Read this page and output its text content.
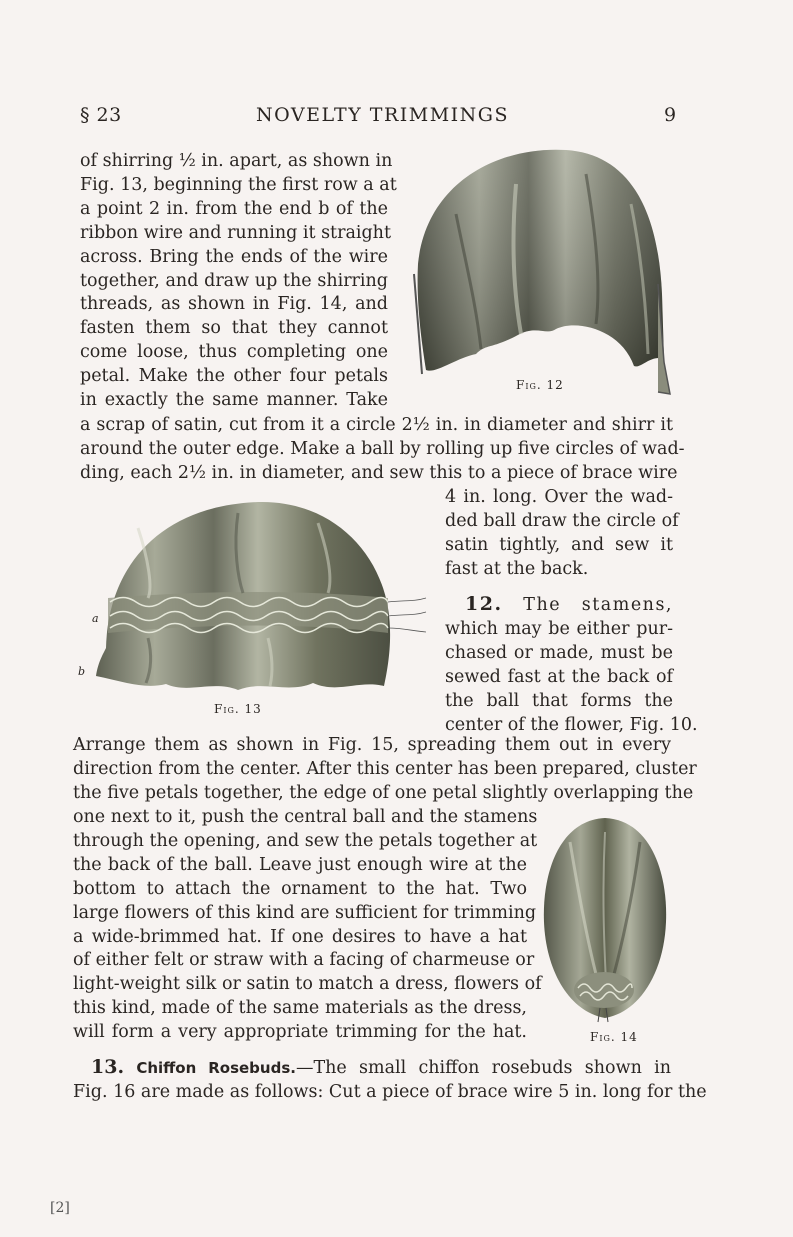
§ 23	NOVELTY TRIMMINGS	9
of shirring ½ in. apart, as shown in
Fig. 13, beginning the first row a at
a point 2 in. from the end b of the
ribbon wire and running it straight
across. Bring the ends of the wire
together, and draw up the shirring
threads, as shown in Fig. 14, and
fasten them so that they cannot
come loose, thus completing one
petal. Make the other four petals
in exactly the same manner. Take
Fig. 12
a scrap of satin, cut from it a circle 2½ in. in diameter and shirr it
around the outer edge. Make a ball by rolling up five circles of wad-
ding, each 2½ in. in diameter, and sew this to a piece of brace wire
a
b
Fig. 13
4 in. long. Over the wad-
ded ball draw the circle of
satin tightly, and sew it
fast at the back.
12. The stamens,
which may be either pur-
chased or made, must be
sewed fast at the back of
the ball that forms the
center of the flower, Fig. 10.
Arrange them as shown in Fig. 15, spreading them out in every
direction from the center. After this center has been prepared, cluster
the five petals together, the edge of one petal slightly overlapping the
one next to it, push the central ball and the stamens
through the opening, and sew the petals together at
the back of the ball. Leave just enough wire at the
bottom to attach the ornament to the hat. Two
large flowers of this kind are sufficient for trimming
a wide-brimmed hat. If one desires to have a hat
of either felt or straw with a facing of charmeuse or
light-weight silk or satin to match a dress, flowers of
this kind, made of the same materials as the dress,
will form a very appropriate trimming for the hat.	Fig. 14
13. Chiffon Rosebuds.—The small chiffon rosebuds shown in
Fig. 16 are made as follows: Cut a piece of brace wire 5 in. long for the
[2]
